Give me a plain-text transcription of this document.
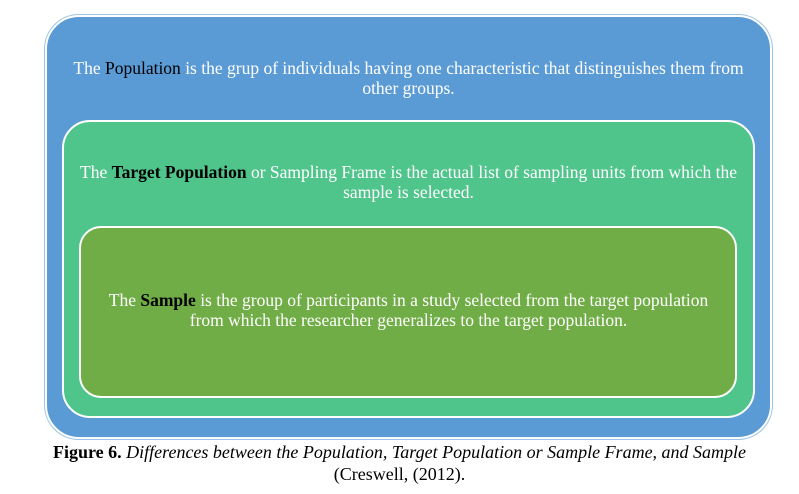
The Population is the grup of individuals having one characteristic that distinguishes them from other groups.

The Target Population or Sampling Frame is the actual list of sampling units from which the sample is selected.

The Sample is the group of participants in a study selected from the target population from which the researcher generalizes to the target population.

Figure 6. Differences between the Population, Target Population or Sample Frame, and Sample
(Creswell, (2012).
